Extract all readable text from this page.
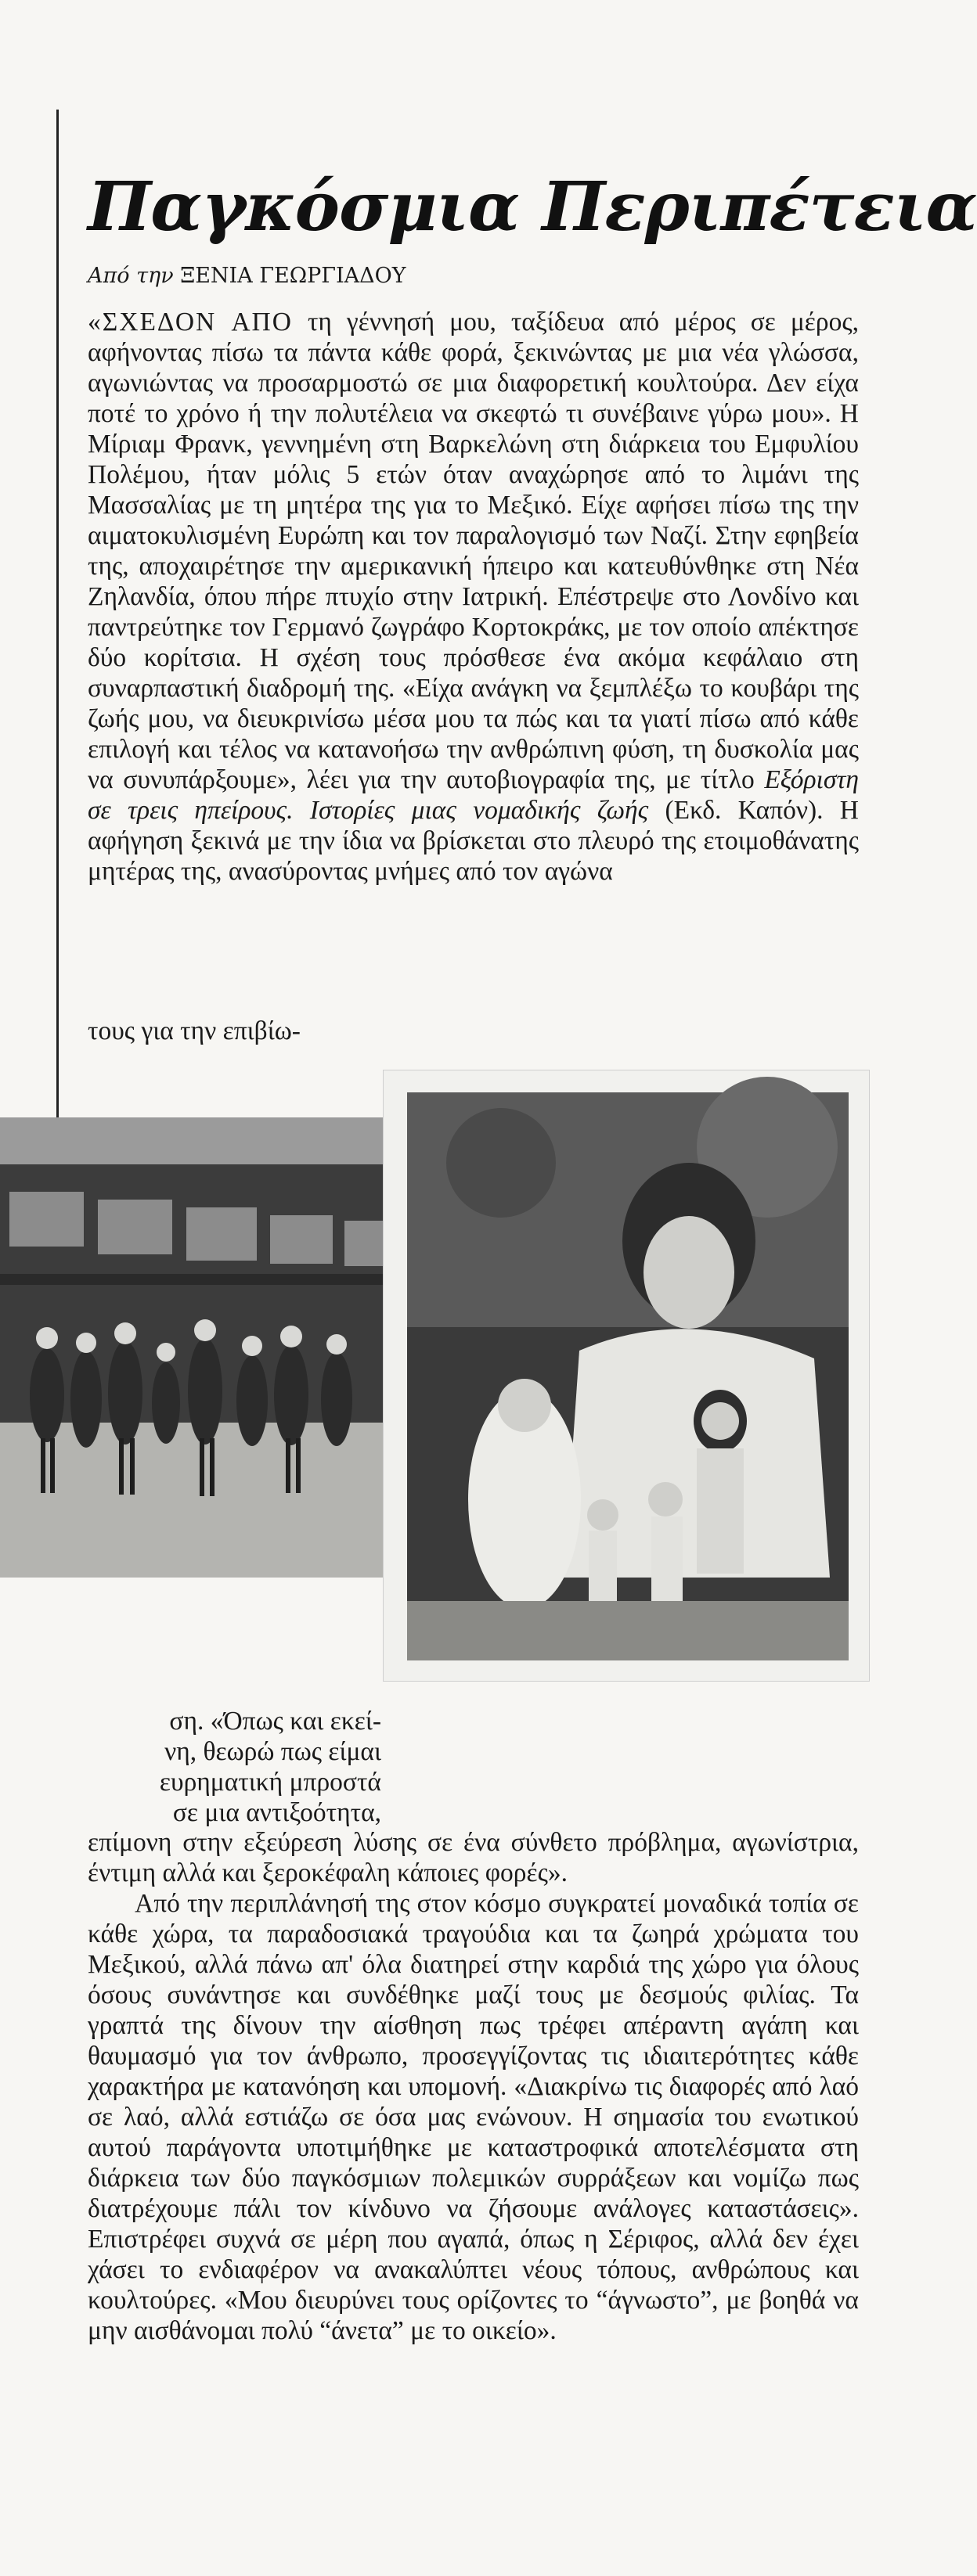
Παγκόσμια Περιπέτεια
Από την ΞΕΝΙΑ ΓΕΩΡΓΙΑΔΟΥ

«ΣΧΕΔΟΝ ΑΠΟ τη γέννησή μου, ταξίδευα από μέρος σε μέρος, αφήνοντας πίσω τα πάντα κάθε φορά, ξεκινώντας με μια νέα γλώσσα, αγωνιώντας να προσαρμοστώ σε μια διαφορετική κουλτούρα. Δεν είχα ποτέ το χρόνο ή την πολυτέλεια να σκεφτώ τι συνέβαινε γύρω μου». Η Μίριαμ Φρανκ, γεννημένη στη Βαρκελώνη στη διάρκεια του Εμφυλίου Πολέμου, ήταν μόλις 5 ετών όταν αναχώρησε από το λιμάνι της Μασσαλίας με τη μητέρα της για το Μεξικό. Είχε αφήσει πίσω της την αιματοκυλισμένη Ευρώπη και τον παραλογισμό των Ναζί. Στην εφηβεία της, αποχαιρέτησε την αμερικανική ήπειρο και κατευθύνθηκε στη Νέα Ζηλανδία, όπου πήρε πτυχίο στην Ιατρική. Επέστρεψε στο Λονδίνο και παντρεύτηκε τον Γερμανό ζωγράφο Κορτοκράκς, με τον οποίο απέκτησε δύο κορίτσια. Η σχέση τους πρόσθεσε ένα ακόμα κεφάλαιο στη συναρπαστική διαδρομή της. «Είχα ανάγκη να ξεμπλέξω το κουβάρι της ζωής μου, να διευκρινίσω μέσα μου τα πώς και τα γιατί πίσω από κάθε επιλογή και τέλος να κατανοήσω την ανθρώπινη φύση, τη δυσκολία μας να συνυπάρξουμε», λέει για την αυτοβιογραφία της, με τίτλο Εξόριστη σε τρεις ηπείρους. Ιστορίες μιας νομαδικής ζωής (Εκδ. Καπόν). Η αφήγηση ξεκινά με την ίδια να βρίσκεται στο πλευρό της ετοιμοθάνατης μητέρας της, ανασύροντας μνήμες από τον αγώνα

τους για την επιβίω-

ση. «Όπως και εκεί-
νη, θεωρώ πως είμαι
ευρηματική μπροστά
σε μια αντιξοότητα,

επίμονη στην εξεύρεση λύσης σε ένα σύνθετο πρόβλημα, αγωνίστρια, έντιμη αλλά και ξεροκέφαλη κάποιες φορές».

Από την περιπλάνησή της στον κόσμο συγκρατεί μοναδικά τοπία σε κάθε χώρα, τα παραδοσιακά τραγούδια και τα ζωηρά χρώματα του Μεξικού, αλλά πάνω απ' όλα διατηρεί στην καρδιά της χώρο για όλους όσους συνάντησε και συνδέθηκε μαζί τους με δεσμούς φιλίας. Τα γραπτά της δίνουν την αίσθηση πως τρέφει απέραντη αγάπη και θαυμασμό για τον άνθρωπο, προσεγγίζοντας τις ιδιαιτερότητες κάθε χαρακτήρα με κατανόηση και υπομονή. «Διακρίνω τις διαφορές από λαό σε λαό, αλλά εστιάζω σε όσα μας ενώνουν. Η σημασία του ενωτικού αυτού παράγοντα υποτιμήθηκε με καταστροφικά αποτελέσματα στη διάρκεια των δύο παγκόσμιων πολεμικών συρράξεων και νομίζω πως διατρέχουμε πάλι τον κίνδυνο να ζήσουμε ανάλογες καταστάσεις». Επιστρέφει συχνά σε μέρη που αγαπά, όπως η Σέριφος, αλλά δεν έχει χάσει το ενδιαφέρον να ανακαλύπτει νέους τόπους, ανθρώπους και κουλτούρες. «Μου διευρύνει τους ορίζοντες το “άγνωστο”, με βοηθά να μην αισθάνομαι πολύ “άνετα” με το οικείο».
